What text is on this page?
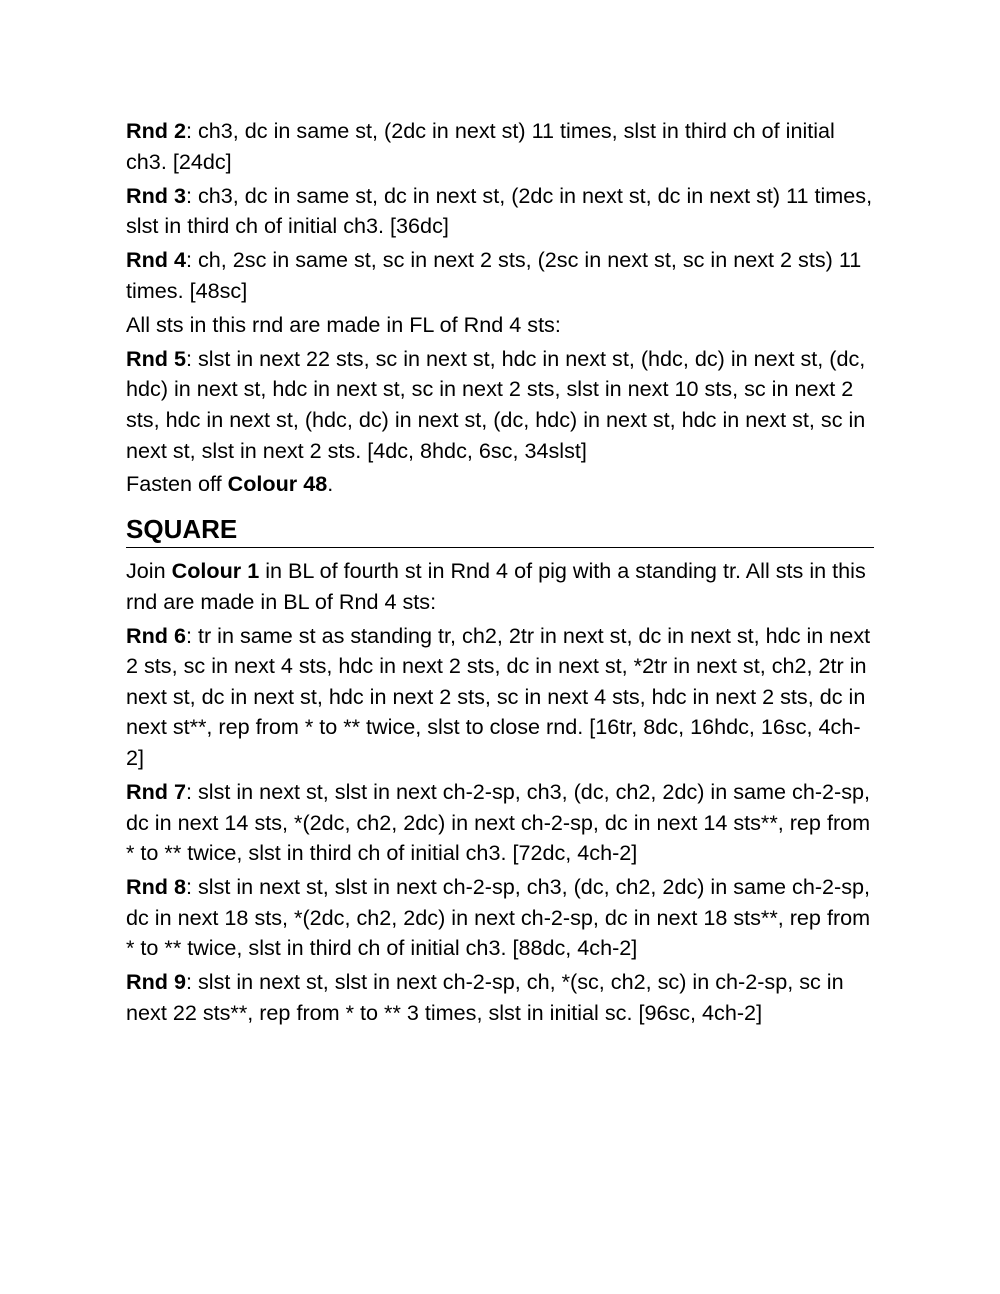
Rnd 2: ch3, dc in same st, (2dc in next st) 11 times, slst in third ch of initial ch3. [24dc]

Rnd 3: ch3, dc in same st, dc in next st, (2dc in next st, dc in next st) 11 times, slst in third ch of initial ch3. [36dc]

Rnd 4: ch, 2sc in same st, sc in next 2 sts, (2sc in next st, sc in next 2 sts) 11 times. [48sc]

All sts in this rnd are made in FL of Rnd 4 sts:

Rnd 5: slst in next 22 sts, sc in next st, hdc in next st, (hdc, dc) in next st, (dc, hdc) in next st, hdc in next st, sc in next 2 sts, slst in next 10 sts, sc in next 2 sts, hdc in next st, (hdc, dc) in next st, (dc, hdc) in next st, hdc in next st, sc in next st, slst in next 2 sts. [4dc, 8hdc, 6sc, 34slst]

Fasten off Colour 48.

SQUARE

Join Colour 1 in BL of fourth st in Rnd 4 of pig with a standing tr. All sts in this rnd are made in BL of Rnd 4 sts:

Rnd 6: tr in same st as standing tr, ch2, 2tr in next st, dc in next st, hdc in next 2 sts, sc in next 4 sts, hdc in next 2 sts, dc in next st, *2tr in next st, ch2, 2tr in next st, dc in next st, hdc in next 2 sts, sc in next 4 sts, hdc in next 2 sts, dc in next st**, rep from * to ** twice, slst to close rnd. [16tr, 8dc, 16hdc, 16sc, 4ch-2]

Rnd 7: slst in next st, slst in next ch-2-sp, ch3, (dc, ch2, 2dc) in same ch-2-sp, dc in next 14 sts, *(2dc, ch2, 2dc) in next ch-2-sp, dc in next 14 sts**, rep from * to ** twice, slst in third ch of initial ch3. [72dc, 4ch-2]

Rnd 8: slst in next st, slst in next ch-2-sp, ch3, (dc, ch2, 2dc) in same ch-2-sp, dc in next 18 sts, *(2dc, ch2, 2dc) in next ch-2-sp, dc in next 18 sts**, rep from * to ** twice, slst in third ch of initial ch3. [88dc, 4ch-2]

Rnd 9: slst in next st, slst in next ch-2-sp, ch, *(sc, ch2, sc) in ch-2-sp, sc in next 22 sts**, rep from * to ** 3 times, slst in initial sc. [96sc, 4ch-2]
